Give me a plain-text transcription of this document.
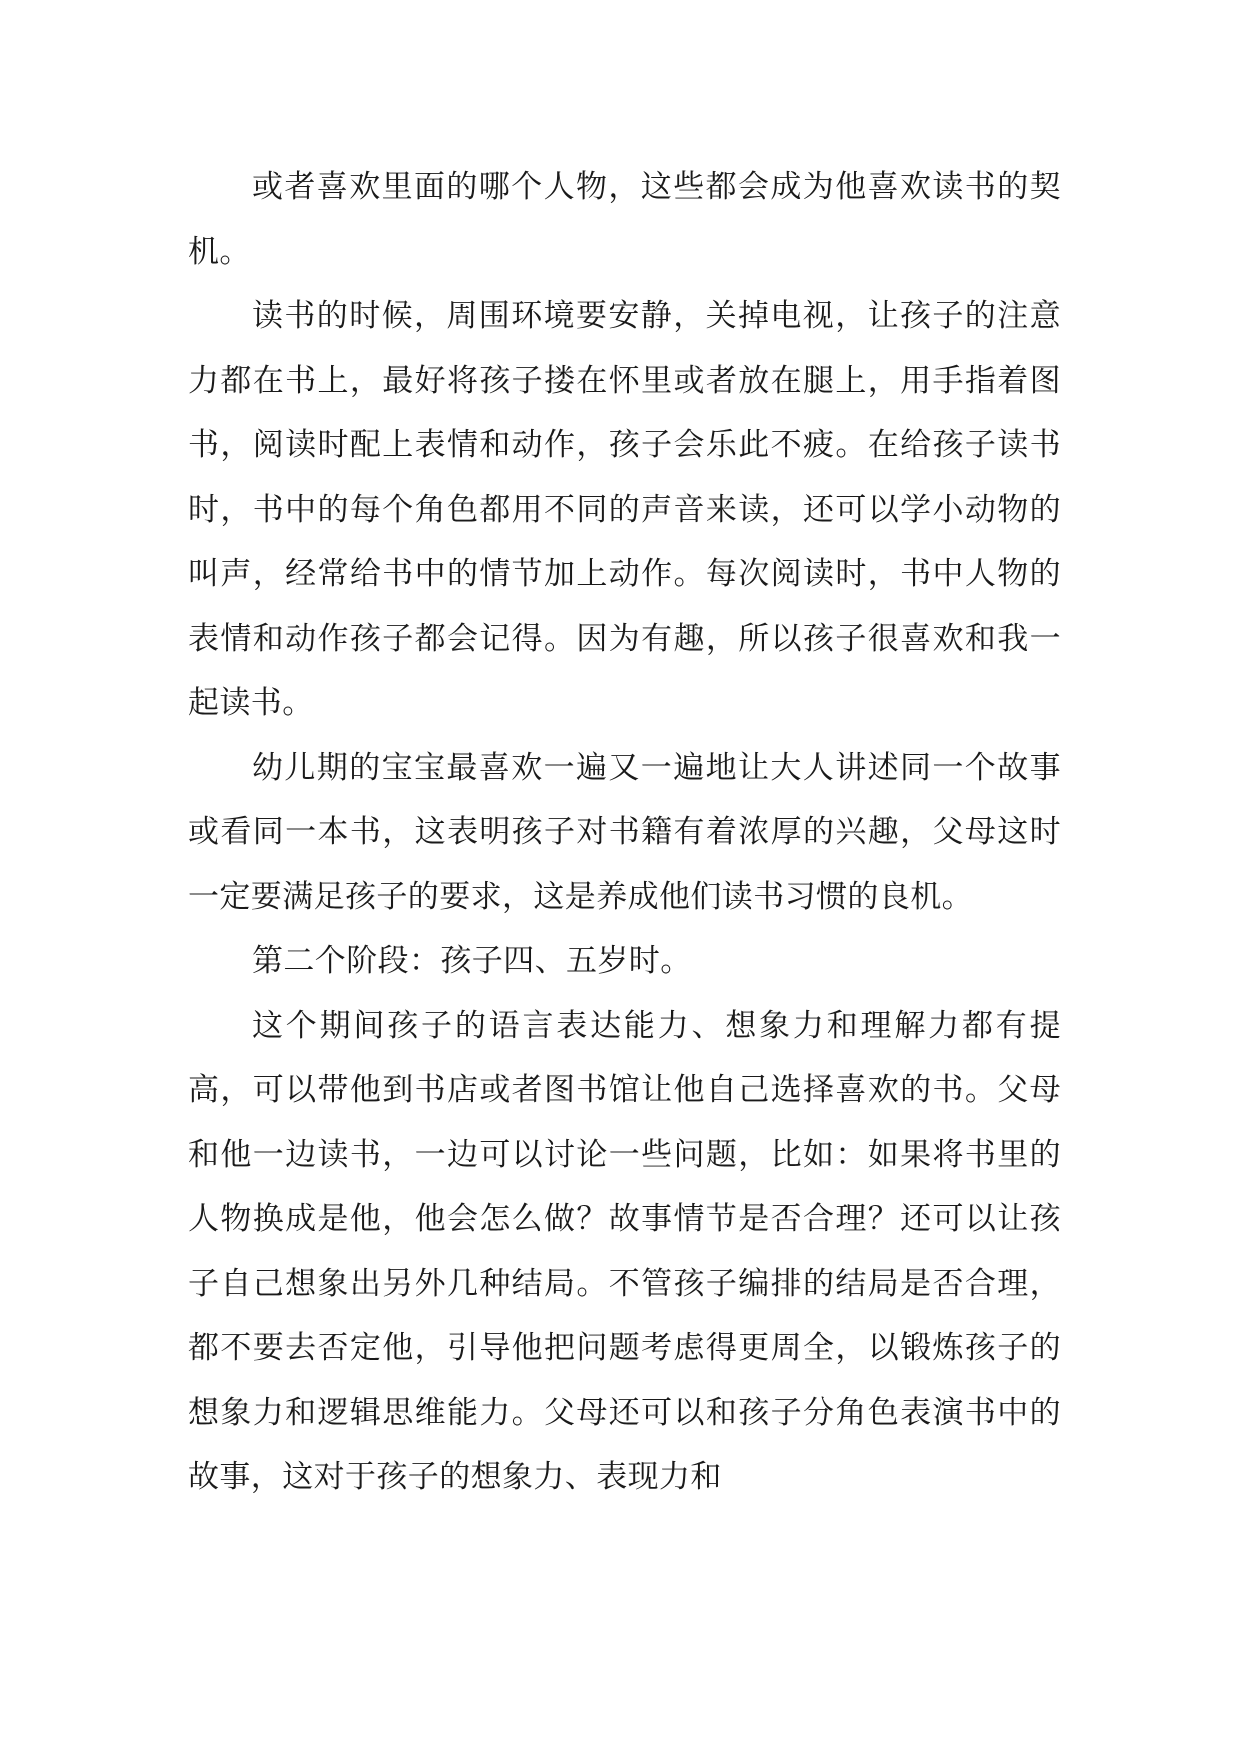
或者喜欢里面的哪个人物，这些都会成为他喜欢读书的契机。

读书的时候，周围环境要安静，关掉电视，让孩子的注意力都在书上，最好将孩子搂在怀里或者放在腿上，用手指着图书，阅读时配上表情和动作，孩子会乐此不疲。在给孩子读书时，书中的每个角色都用不同的声音来读，还可以学小动物的叫声，经常给书中的情节加上动作。每次阅读时，书中人物的表情和动作孩子都会记得。因为有趣，所以孩子很喜欢和我一起读书。

幼儿期的宝宝最喜欢一遍又一遍地让大人讲述同一个故事或看同一本书，这表明孩子对书籍有着浓厚的兴趣，父母这时一定要满足孩子的要求，这是养成他们读书习惯的良机。

第二个阶段：孩子四、五岁时。

这个期间孩子的语言表达能力、想象力和理解力都有提高，可以带他到书店或者图书馆让他自己选择喜欢的书。父母和他一边读书，一边可以讨论一些问题，比如：如果将书里的人物换成是他，他会怎么做？故事情节是否合理？还可以让孩子自己想象出另外几种结局。不管孩子编排的结局是否合理，都不要去否定他，引导他把问题考虑得更周全，以锻炼孩子的想象力和逻辑思维能力。父母还可以和孩子分角色表演书中的故事，这对于孩子的想象力、表现力和
